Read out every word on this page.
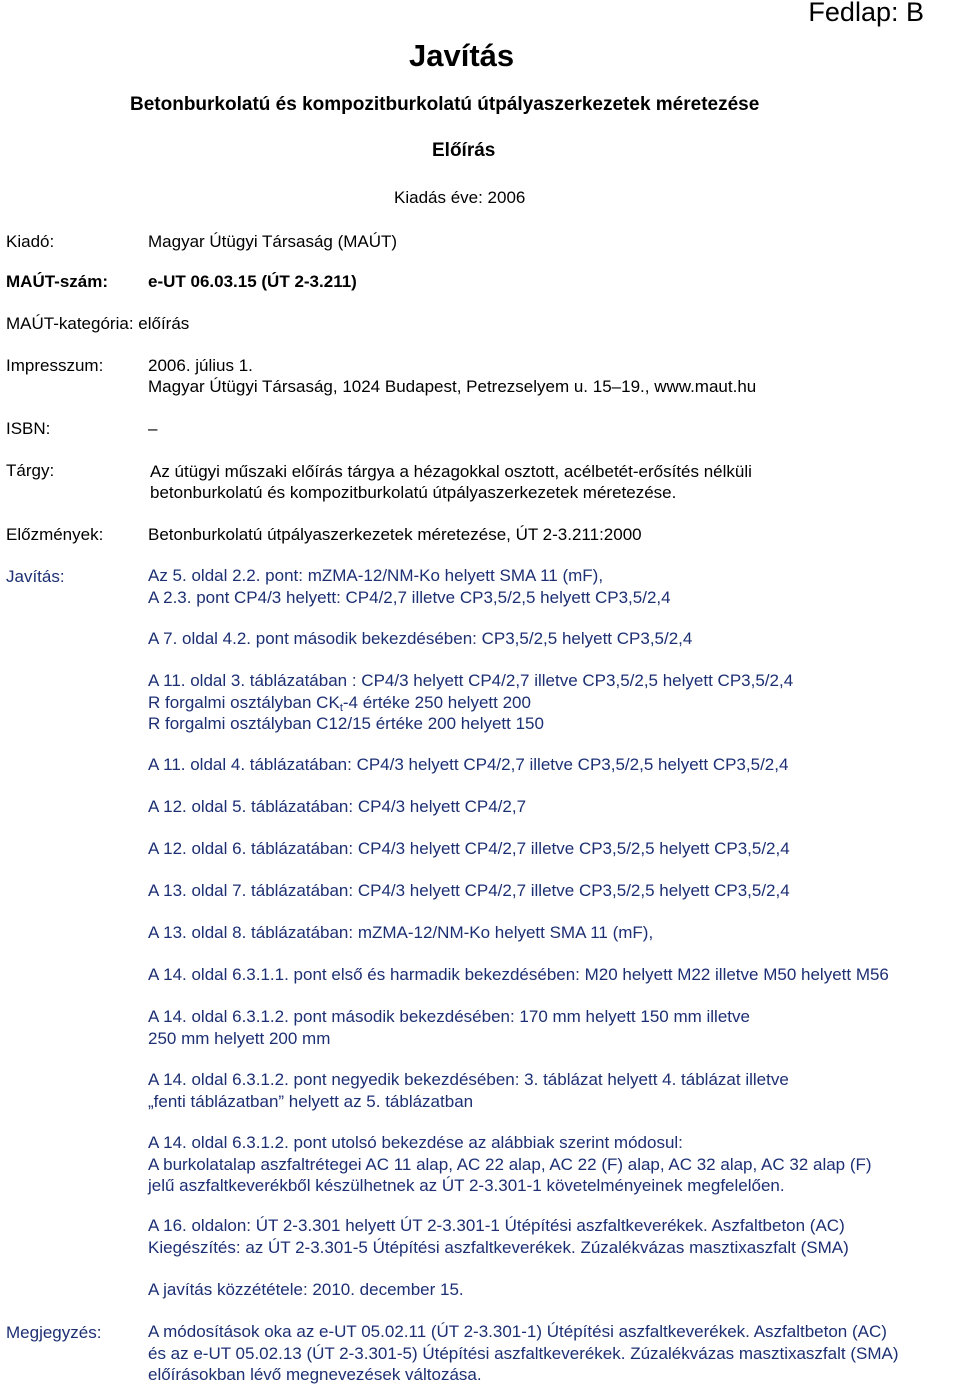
Fedlap: B
Javítás
Betonburkolatú és kompozitburkolatú útpályaszerkezetek méretezése
Előírás
Kiadás éve: 2006
Kiadó:	Magyar Útügyi Társaság (MAÚT)
MAÚT-szám: e-UT 06.03.15 (ÚT 2-3.211)
MAÚT-kategória: előírás
Impresszum:	2006. július 1.
Magyar Útügyi Társaság, 1024 Budapest, Petrezselyem u. 15–19., www.maut.hu
ISBN:	–
Tárgy:	Az útügyi műszaki előírás tárgya a hézagokkal osztott, acélbetét-erősítés nélküli
betonburkolatú és kompozitburkolatú útpályaszerkezetek méretezése.
Előzmények:	Betonburkolatú útpályaszerkezetek méretezése, ÚT 2-3.211:2000
Javítás:	Az 5. oldal 2.2. pont: mZMA-12/NM-Ko helyett SMA 11 (mF),
A 2.3. pont CP4/3 helyett: CP4/2,7 illetve CP3,5/2,5 helyett CP3,5/2,4
A 7. oldal 4.2. pont második bekezdésében: CP3,5/2,5 helyett CP3,5/2,4
A 11. oldal 3. táblázatában : CP4/3 helyett CP4/2,7 illetve CP3,5/2,5 helyett CP3,5/2,4
R forgalmi osztályban $CK_t-4$ értéke 250 helyett 200
R forgalmi osztályban C12/15 értéke 200 helyett 150
A 11. oldal 4. táblázatában: CP4/3 helyett CP4/2,7 illetve CP3,5/2,5 helyett CP3,5/2,4
A 12. oldal 5. táblázatában: CP4/3 helyett CP4/2,7
A 12. oldal 6. táblázatában: CP4/3 helyett CP4/2,7 illetve CP3,5/2,5 helyett CP3,5/2,4
A 13. oldal 7. táblázatában: CP4/3 helyett CP4/2,7 illetve CP3,5/2,5 helyett CP3,5/2,4
A 13. oldal 8. táblázatában: mZMA-12/NM-Ko helyett SMA 11 (mF),
A 14. oldal 6.3.1.1. pont első és harmadik bekezdésében: M20 helyett M22 illetve M50 helyett M56
A 14. oldal 6.3.1.2. pont második bekezdésében: 170 mm helyett 150 mm illetve
250 mm helyett 200 mm
A 14. oldal 6.3.1.2. pont negyedik bekezdésében: 3. táblázat helyett 4. táblázat illetve
„fenti táblázatban” helyett az 5. táblázatban
A 14. oldal 6.3.1.2. pont utolsó bekezdése az alábbiak szerint módosul:
A burkolatalap aszfaltrétegei AC 11 alap, AC 22 alap, AC 22 (F) alap, AC 32 alap, AC 32 alap (F)
jelű aszfaltkeverékből készülhetnek az ÚT 2-3.301-1 követelményeinek megfelelően.
A 16. oldalon: ÚT 2-3.301 helyett ÚT 2-3.301-1 Útépítési aszfaltkeverékek. Aszfaltbeton (AC)
Kiegészítés: az ÚT 2-3.301-5 Útépítési aszfaltkeverékek. Zúzalékvázas masztixaszfalt (SMA)
A javítás közzététele: 2010. december 15.
Megjegyzés:	A módosítások oka az e-UT 05.02.11 (ÚT 2-3.301-1) Útépítési aszfaltkeverékek. Aszfaltbeton (AC)
és az e-UT 05.02.13 (ÚT 2-3.301-5) Útépítési aszfaltkeverékek. Zúzalékvázas masztixaszfalt (SMA)
előírásokban lévő megnevezések változása.
